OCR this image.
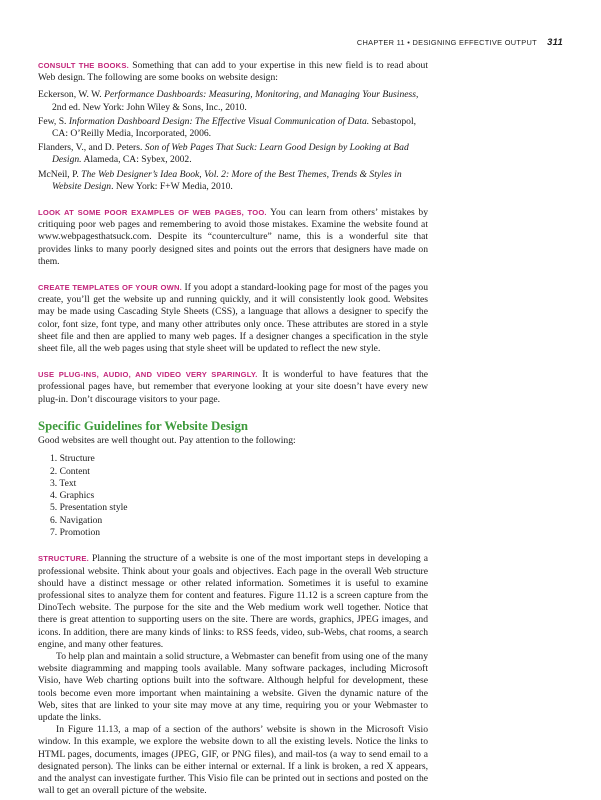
CHAPTER 11 • DESIGNING EFFECTIVE OUTPUT 311

CONSULT THE BOOKS. Something that can add to your expertise in this new field is to read about Web design. The following are some books on website design:

Eckerson, W. W. Performance Dashboards: Measuring, Monitoring, and Managing Your Business, 2nd ed. New York: John Wiley & Sons, Inc., 2010.
Few, S. Information Dashboard Design: The Effective Visual Communication of Data. Sebastopol, CA: O’Reilly Media, Incorporated, 2006.
Flanders, V., and D. Peters. Son of Web Pages That Suck: Learn Good Design by Looking at Bad Design. Alameda, CA: Sybex, 2002.
McNeil, P. The Web Designer’s Idea Book, Vol. 2: More of the Best Themes, Trends & Styles in Website Design. New York: F+W Media, 2010.

LOOK AT SOME POOR EXAMPLES OF WEB PAGES, TOO. You can learn from others’ mistakes by critiquing poor web pages and remembering to avoid those mistakes. Examine the website found at www.webpagesthatsuck.com. Despite its “counterculture” name, this is a wonderful site that provides links to many poorly designed sites and points out the errors that designers have made on them.

CREATE TEMPLATES OF YOUR OWN. If you adopt a standard-looking page for most of the pages you create, you’ll get the website up and running quickly, and it will consistently look good. Websites may be made using Cascading Style Sheets (CSS), a language that allows a designer to specify the color, font size, font type, and many other attributes only once. These attributes are stored in a style sheet file and then are applied to many web pages. If a designer changes a specification in the style sheet file, all the web pages using that style sheet will be updated to reflect the new style.

USE PLUG-INS, AUDIO, AND VIDEO VERY SPARINGLY. It is wonderful to have features that the professional pages have, but remember that everyone looking at your site doesn’t have every new plug-in. Don’t discourage visitors to your page.

Specific Guidelines for Website Design

Good websites are well thought out. Pay attention to the following:

1. Structure
2. Content
3. Text
4. Graphics
5. Presentation style
6. Navigation
7. Promotion

STRUCTURE. Planning the structure of a website is one of the most important steps in developing a professional website. Think about your goals and objectives. Each page in the overall Web structure should have a distinct message or other related information. Sometimes it is useful to examine professional sites to analyze them for content and features. Figure 11.12 is a screen capture from the DinoTech website. The purpose for the site and the Web medium work well together. Notice that there is great attention to supporting users on the site. There are words, graphics, JPEG images, and icons. In addition, there are many kinds of links: to RSS feeds, video, sub-Webs, chat rooms, a search engine, and many other features.

To help plan and maintain a solid structure, a Webmaster can benefit from using one of the many website diagramming and mapping tools available. Many software packages, including Microsoft Visio, have Web charting options built into the software. Although helpful for development, these tools become even more important when maintaining a website. Given the dynamic nature of the Web, sites that are linked to your site may move at any time, requiring you or your Webmaster to update the links.

In Figure 11.13, a map of a section of the authors’ website is shown in the Microsoft Visio window. In this example, we explore the website down to all the existing levels. Notice the links to HTML pages, documents, images (JPEG, GIF, or PNG files), and mail-tos (a way to send email to a designated person). The links can be either internal or external. If a link is broken, a red X appears, and the analyst can investigate further. This Visio file can be printed out in sections and posted on the wall to get an overall picture of the website.
